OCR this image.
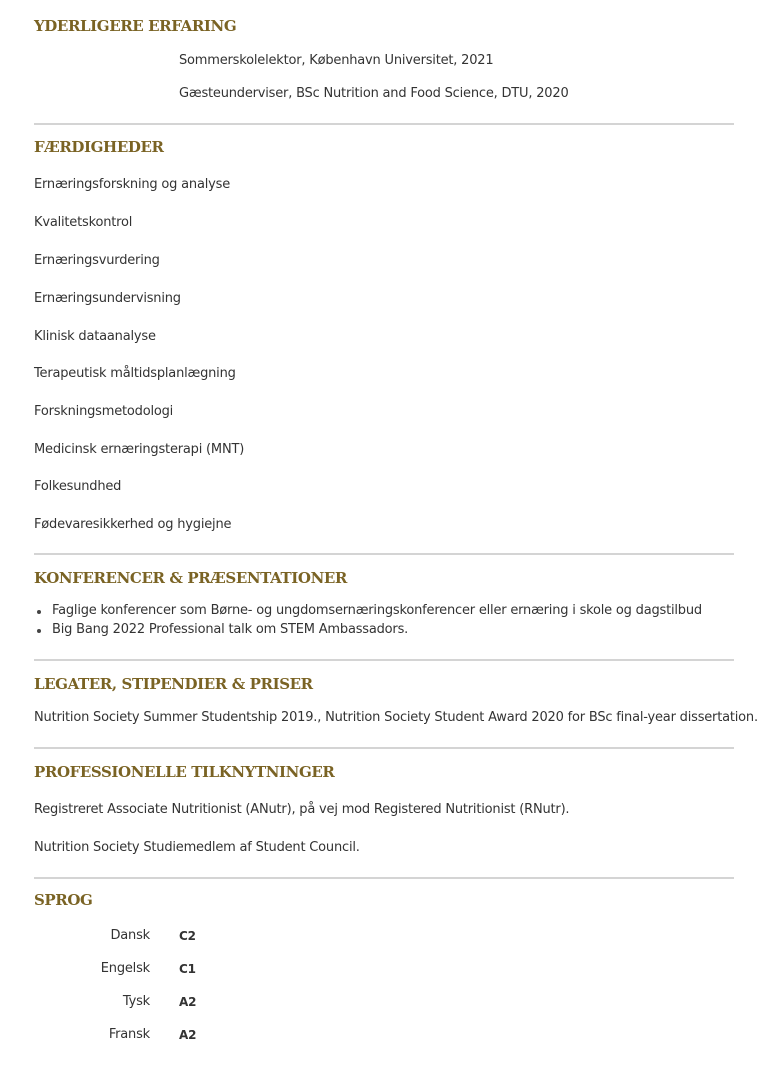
YDERLIGERE ERFARING
Sommerskolelektor, København Universitet, 2021
Gæsteunderviser, BSc Nutrition and Food Science, DTU, 2020
FÆRDIGHEDER
Ernæringsforskning og analyse
Kvalitetskontrol
Ernæringsvurdering
Ernæringsundervisning
Klinisk dataanalyse
Terapeutisk måltidsplanlægning
Forskningsmetodologi
Medicinsk ernæringsterapi (MNT)
Folkesundhed
Fødevaresikkerhed og hygiejne
KONFERENCER & PRÆSENTATIONER
Faglige konferencer som Børne- og ungdomsernæringskonferencer eller ernæring i skole og dagstilbud
Big Bang 2022 Professional talk om STEM Ambassadors.
LEGATER, STIPENDIER & PRISER
Nutrition Society Summer Studentship 2019., Nutrition Society Student Award 2020 for BSc final-year dissertation.
PROFESSIONELLE TILKNYTNINGER
Registreret Associate Nutritionist (ANutr), på vej mod Registered Nutritionist (RNutr).
Nutrition Society Studiemedlem af Student Council.
SPROG
Dansk C2
Engelsk C1
Tysk A2
Fransk A2
